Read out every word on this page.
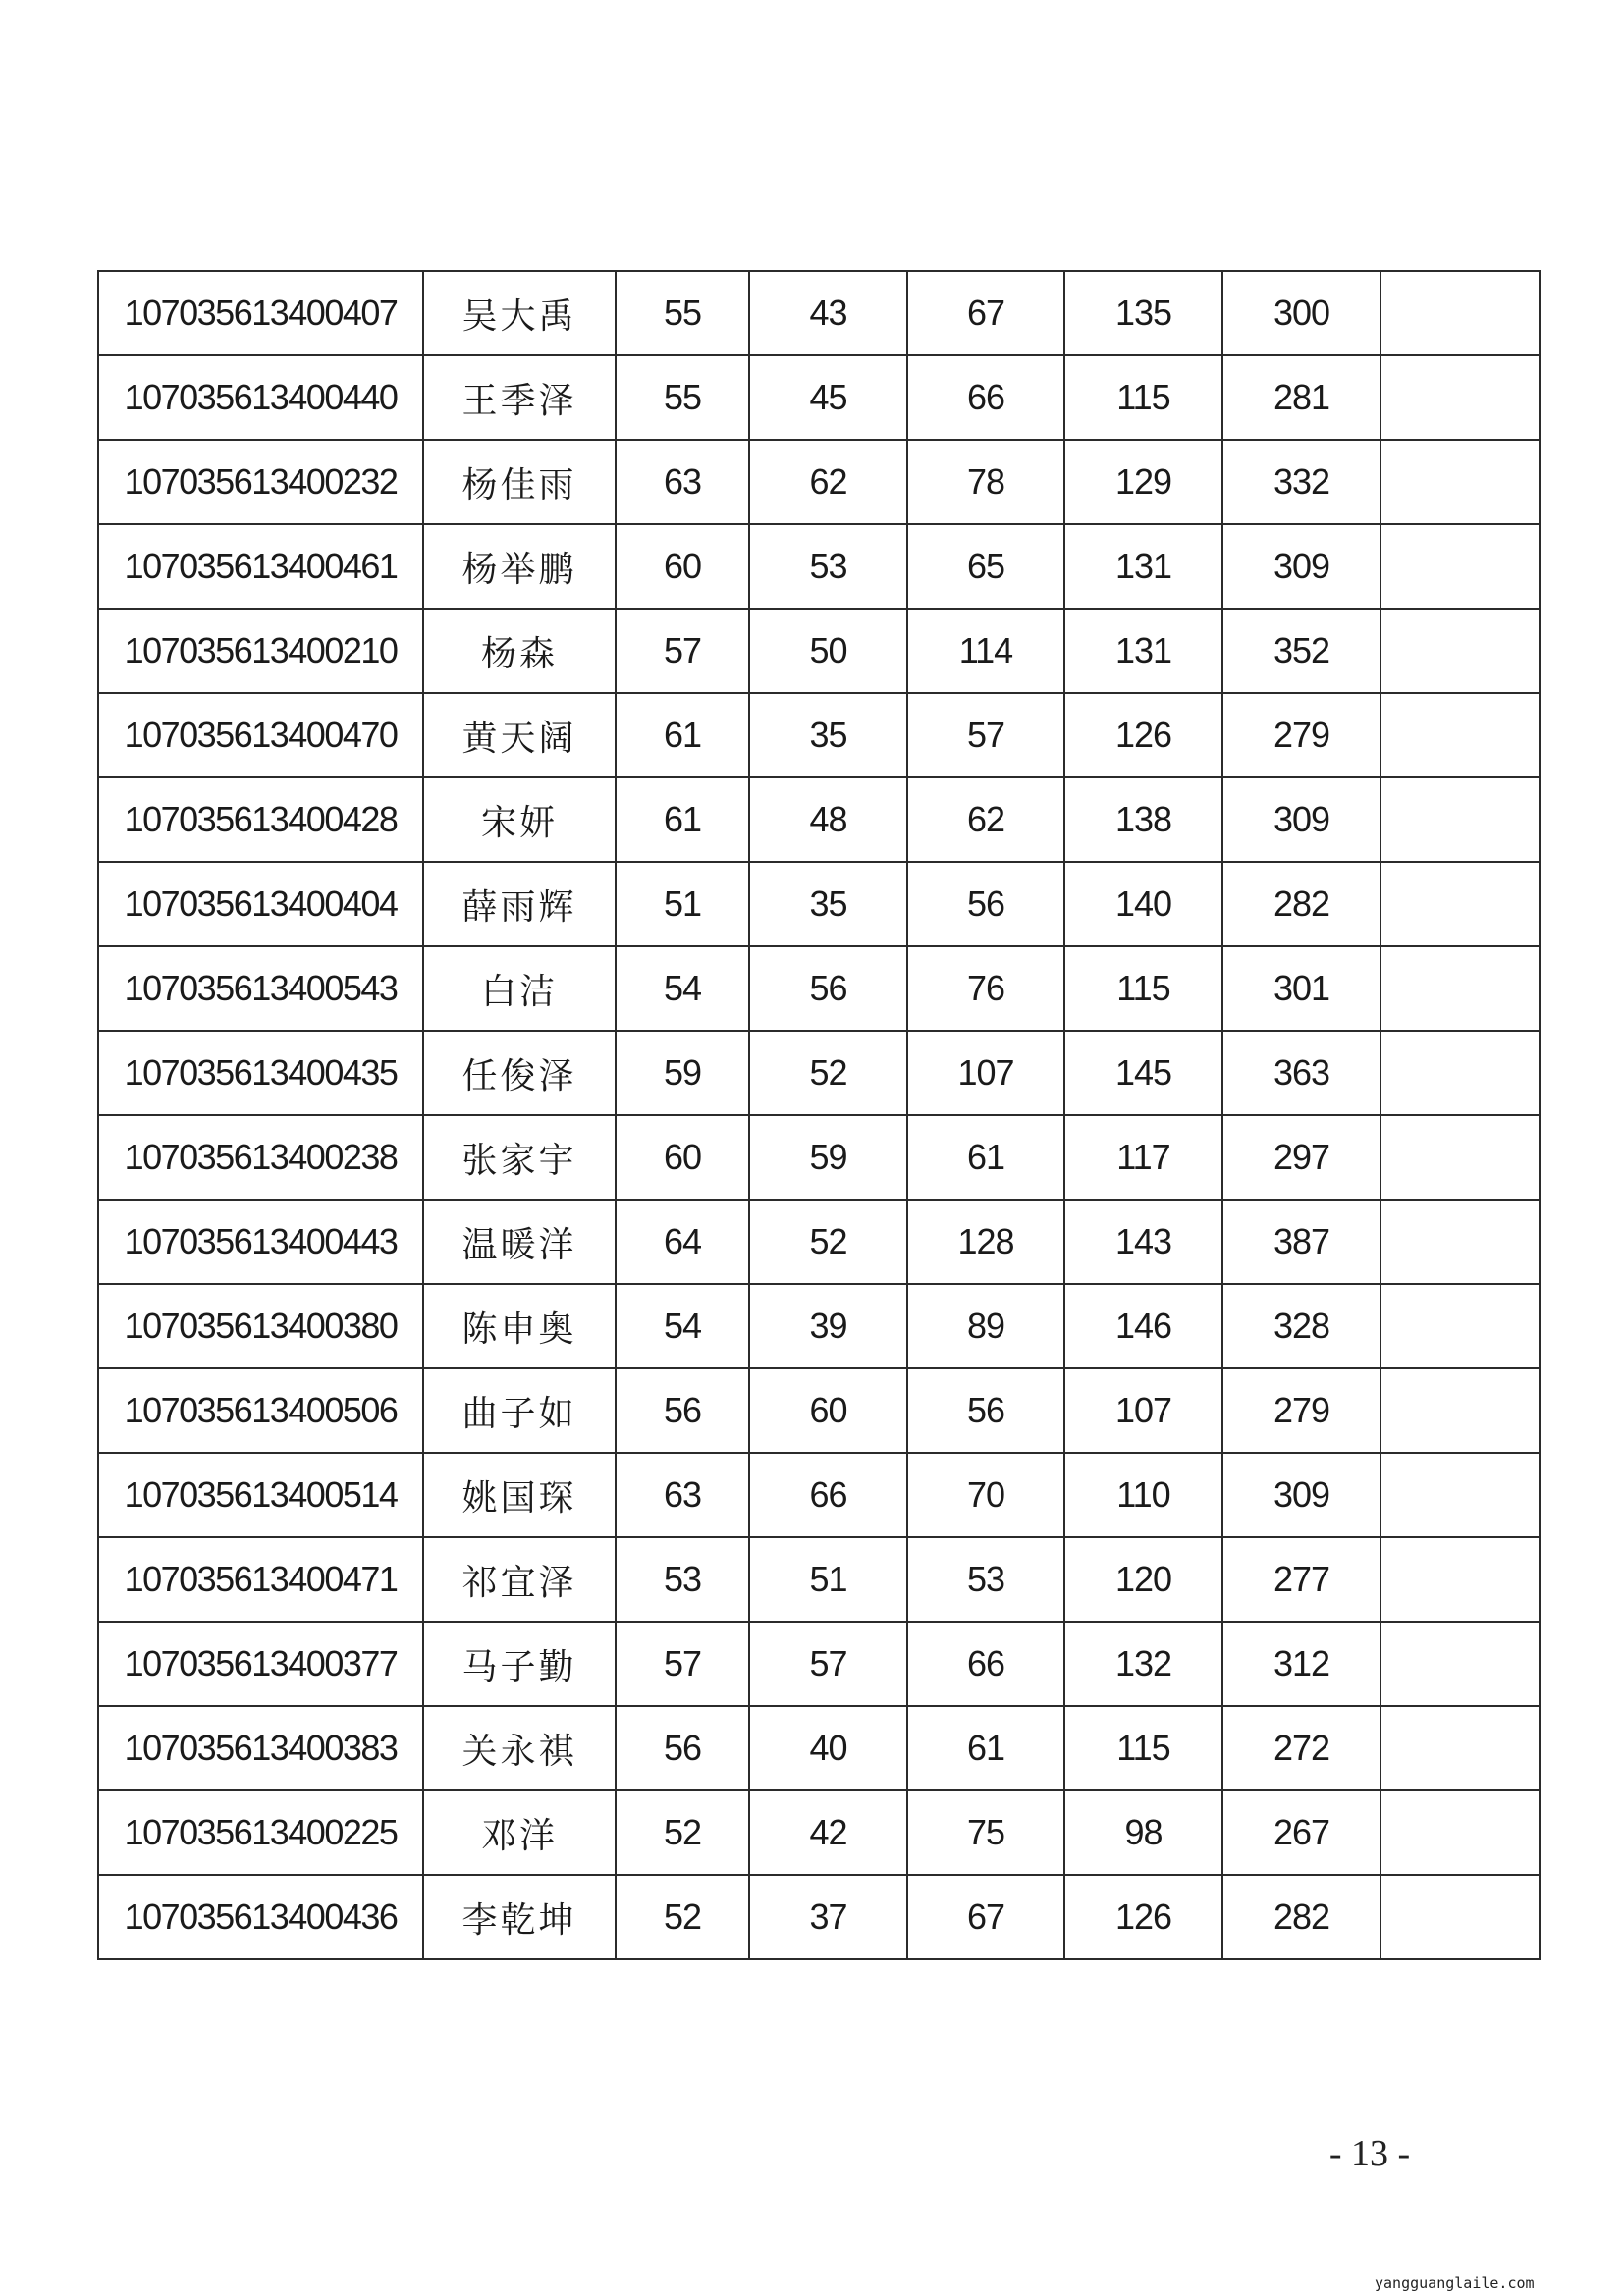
107035613400407	吴大禹	55	43	67	135	300	
107035613400440	王季泽	55	45	66	115	281	
107035613400232	杨佳雨	63	62	78	129	332	
107035613400461	杨举鹏	60	53	65	131	309	
107035613400210	杨森	57	50	114	131	352	
107035613400470	黄天阔	61	35	57	126	279	
107035613400428	宋妍	61	48	62	138	309	
107035613400404	薛雨辉	51	35	56	140	282	
107035613400543	白洁	54	56	76	115	301	
107035613400435	任俊泽	59	52	107	145	363	
107035613400238	张家宇	60	59	61	117	297	
107035613400443	温暖洋	64	52	128	143	387	
107035613400380	陈申奥	54	39	89	146	328	
107035613400506	曲子如	56	60	56	107	279	
107035613400514	姚国琛	63	66	70	110	309	
107035613400471	祁宜泽	53	51	53	120	277	
107035613400377	马子勤	57	57	66	132	312	
107035613400383	关永祺	56	40	61	115	272	
107035613400225	邓洋	52	42	75	98	267	
107035613400436	李乾坤	52	37	67	126	282	
- 13 -
yangguanglaile.com
